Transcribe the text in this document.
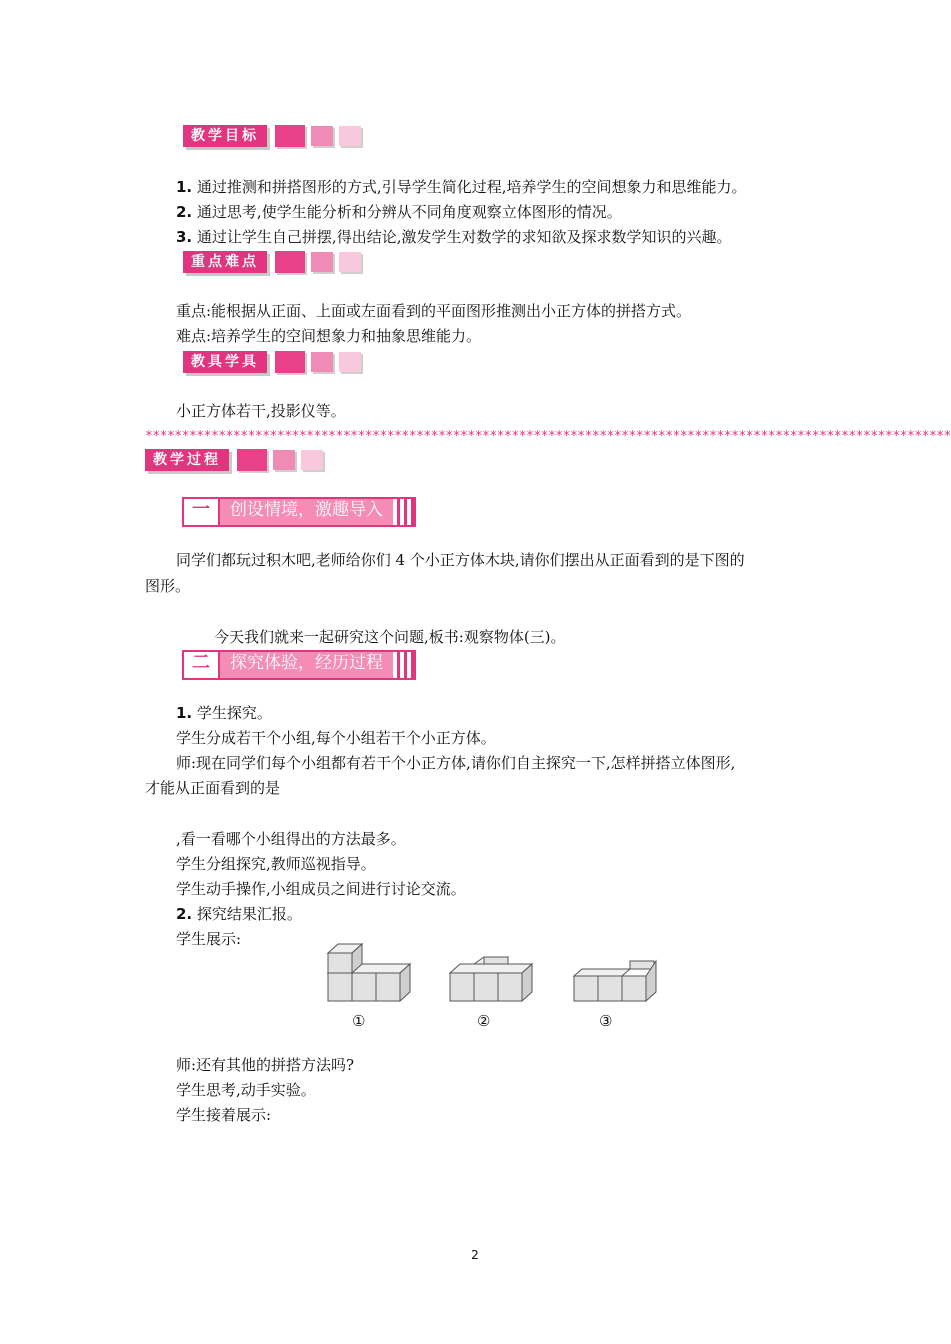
教学目标
1. 通过推测和拼搭图形的方式,引导学生简化过程,培养学生的空间想象力和思维能力。
2. 通过思考,使学生能分析和分辨从不同角度观察立体图形的情况。
3. 通过让学生自己拼摆,得出结论,激发学生对数学的求知欲及探求数学知识的兴趣。
重点难点
重点:能根据从正面、上面或左面看到的平面图形推测出小正方体的拼搭方式。
难点:培养学生的空间想象力和抽象思维能力。
教具学具
小正方体若干,投影仪等。
**************************************************************************************************************
教学过程
一	创设情境，激趣导入
同学们都玩过积木吧,老师给你们 4 个小正方体木块,请你们摆出从正面看到的是下图的
图形。
今天我们就来一起研究这个问题,板书:观察物体(三)。
二	探究体验，经历过程
1. 学生探究。
学生分成若干个小组,每个小组若干个小正方体。
师:现在同学们每个小组都有若干个小正方体,请你们自主探究一下,怎样拼搭立体图形,
才能从正面看到的是
,看一看哪个小组得出的方法最多。
学生分组探究,教师巡视指导。
学生动手操作,小组成员之间进行讨论交流。
2. 探究结果汇报。
学生展示:
①	②	③
师:还有其他的拼搭方法吗?
学生思考,动手实验。
学生接着展示:
2
